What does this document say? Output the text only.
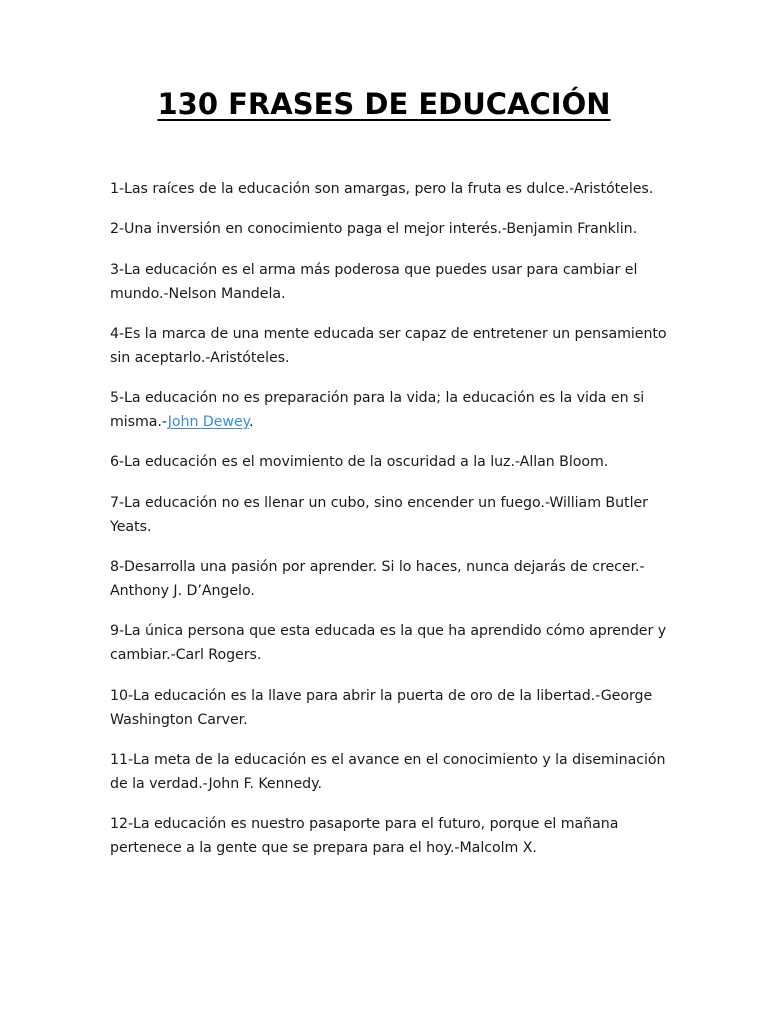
130 FRASES DE EDUCACIÓN
1-Las raíces de la educación son amargas, pero la fruta es dulce.-Aristóteles.
2-Una inversión en conocimiento paga el mejor interés.-Benjamin Franklin.
3-La educación es el arma más poderosa que puedes usar para cambiar el mundo.-Nelson Mandela.
4-Es la marca de una mente educada ser capaz de entretener un pensamiento sin aceptarlo.-Aristóteles.
5-La educación no es preparación para la vida; la educación es la vida en si misma.-John Dewey.
6-La educación es el movimiento de la oscuridad a la luz.-Allan Bloom.
7-La educación no es llenar un cubo, sino encender un fuego.-William Butler Yeats.
8-Desarrolla una pasión por aprender. Si lo haces, nunca dejarás de crecer.-Anthony J. D’Angelo.
9-La única persona que esta educada es la que ha aprendido cómo aprender y cambiar.-Carl Rogers.
10-La educación es la llave para abrir la puerta de oro de la libertad.-George Washington Carver.
11-La meta de la educación es el avance en el conocimiento y la diseminación de la verdad.-John F. Kennedy.
12-La educación es nuestro pasaporte para el futuro, porque el mañana pertenece a la gente que se prepara para el hoy.-Malcolm X.
